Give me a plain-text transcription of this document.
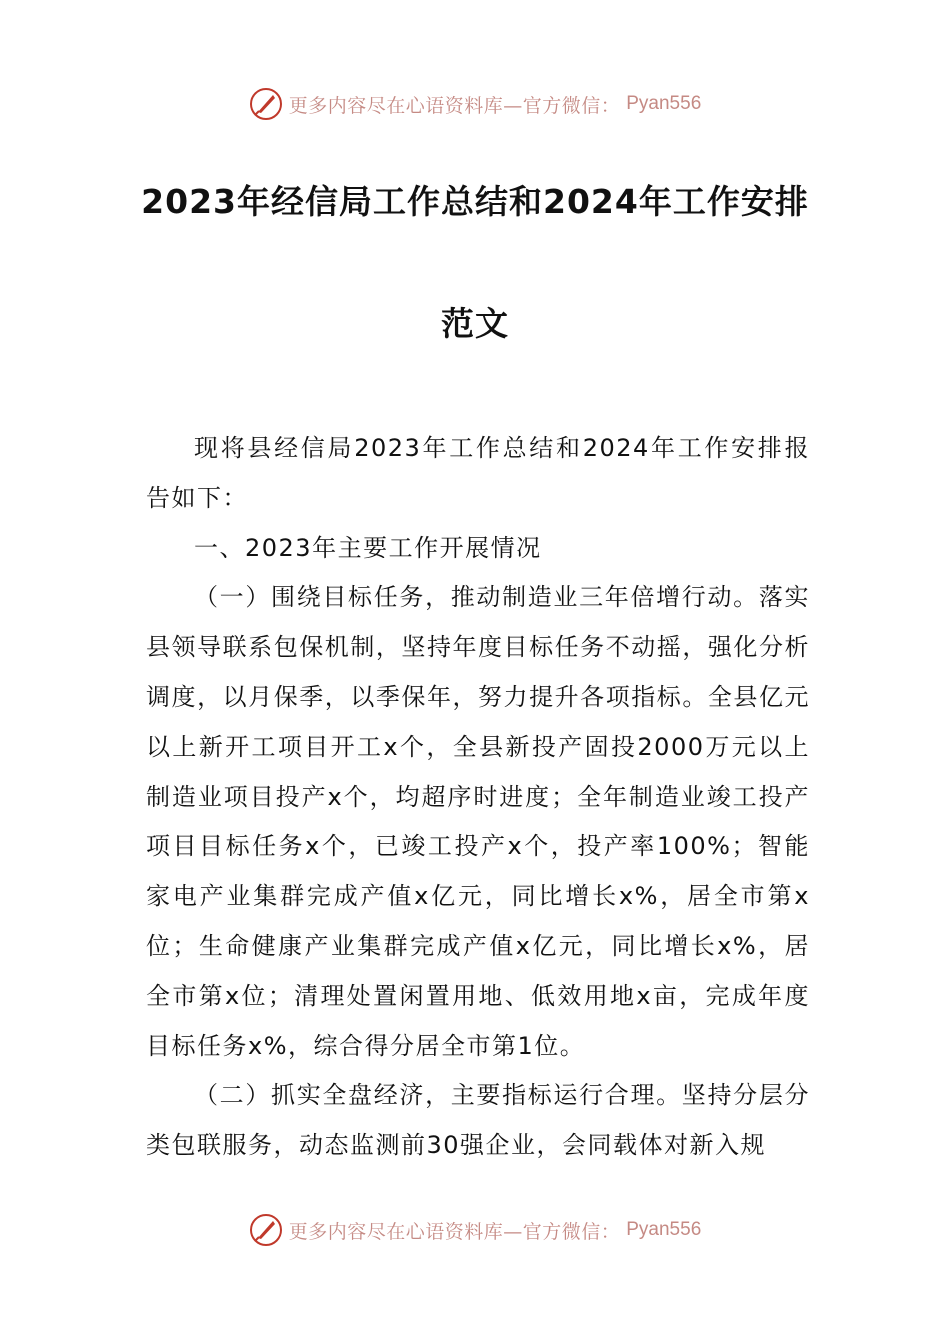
更多内容尽在心语资料库—官方微信： Pyan556
2023年经信局工作总结和2024年工作安排
范文

现将县经信局2023年工作总结和2024年工作安排报告如下：

一、2023年主要工作开展情况

（一）围绕目标任务，推动制造业三年倍增行动。落实县领导联系包保机制，坚持年度目标任务不动摇，强化分析调度，以月保季，以季保年，努力提升各项指标。全县亿元以上新开工项目开工x个，全县新投产固投2000万元以上制造业项目投产x个，均超序时进度；全年制造业竣工投产项目目标任务x个，已竣工投产x个，投产率100%；智能家电产业集群完成产值x亿元，同比增长x%，居全市第x位；生命健康产业集群完成产值x亿元，同比增长x%，居全市第x位；清理处置闲置用地、低效用地x亩，完成年度目标任务x%，综合得分居全市第1位。

（二）抓实全盘经济，主要指标运行合理。坚持分层分类包联服务，动态监测前30强企业，会同载体对新入规

更多内容尽在心语资料库—官方微信： Pyan556
